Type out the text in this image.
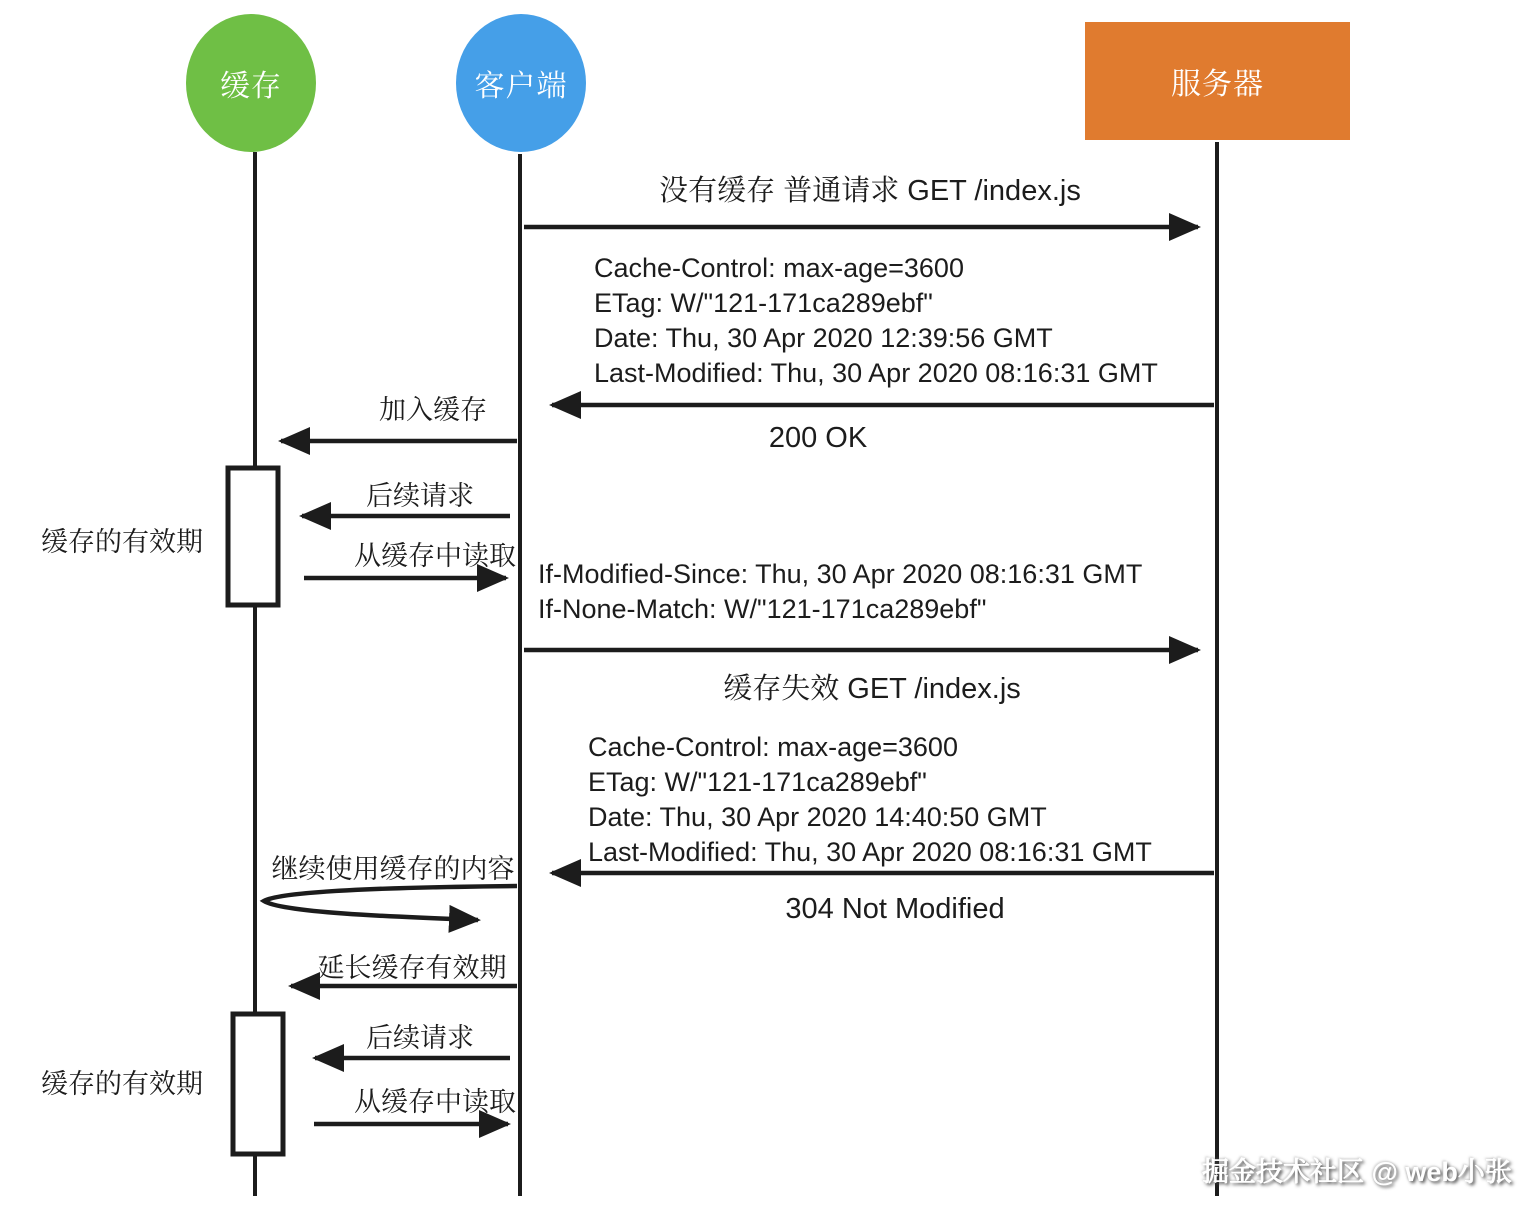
缓存	客户端	服务器
没有缓存 普通请求 GET /index.js
Cache-Control: max-age=3600
ETag: W/"121-171ca289ebf"
Date: Thu, 30 Apr 2020 12:39:56 GMT
Last-Modified: Thu, 30 Apr 2020 08:16:31 GMT
200 OK
加入缓存
后续请求
从缓存中读取
缓存的有效期
If-Modified-Since: Thu, 30 Apr 2020 08:16:31 GMT
If-None-Match: W/"121-171ca289ebf"
缓存失效 GET /index.js
Cache-Control: max-age=3600
ETag: W/"121-171ca289ebf"
Date: Thu, 30 Apr 2020 14:40:50 GMT
Last-Modified: Thu, 30 Apr 2020 08:16:31 GMT
304 Not Modified
继续使用缓存的内容
延长缓存有效期
后续请求
从缓存中读取
缓存的有效期
掘金技术社区 @ web小张
